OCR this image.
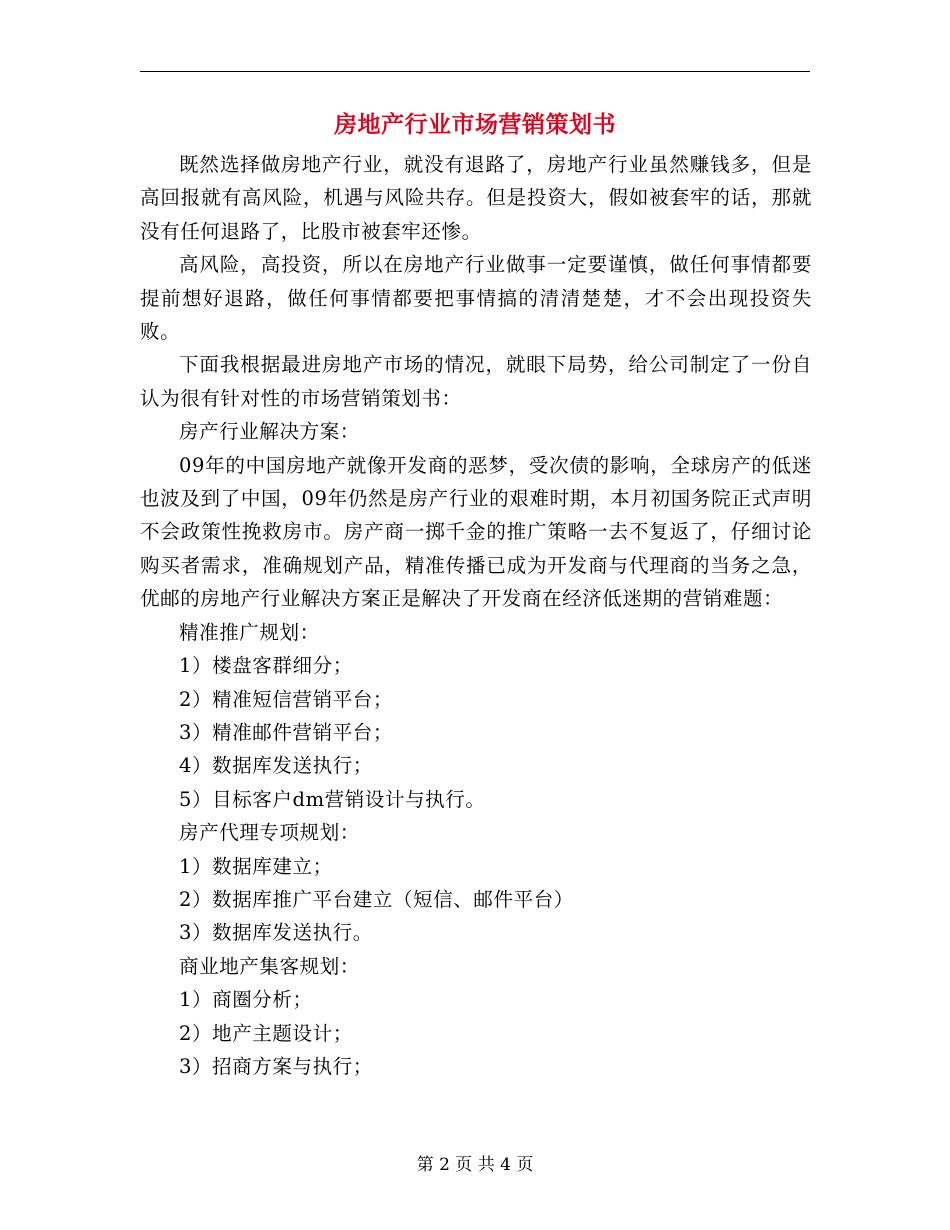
房地产行业市场营销策划书

既然选择做房地产行业，就没有退路了，房地产行业虽然赚钱多，但是高回报就有高风险，机遇与风险共存。但是投资大，假如被套牢的话，那就没有任何退路了，比股市被套牢还惨。

高风险，高投资，所以在房地产行业做事一定要谨慎，做任何事情都要提前想好退路，做任何事情都要把事情搞的清清楚楚，才不会出现投资失败。

下面我根据最进房地产市场的情况，就眼下局势，给公司制定了一份自认为很有针对性的市场营销策划书：

房产行业解决方案：

09年的中国房地产就像开发商的恶梦，受次债的影响，全球房产的低迷也波及到了中国，09年仍然是房产行业的艰难时期，本月初国务院正式声明不会政策性挽救房市。房产商一掷千金的推广策略一去不复返了，仔细讨论购买者需求，准确规划产品，精准传播已成为开发商与代理商的当务之急，优邮的房地产行业解决方案正是解决了开发商在经济低迷期的营销难题：

精准推广规划：

1）楼盘客群细分；

2）精准短信营销平台；

3）精准邮件营销平台；

4）数据库发送执行；

5）目标客户dm营销设计与执行。

房产代理专项规划：

1）数据库建立；

2）数据库推广平台建立（短信、邮件平台）

3）数据库发送执行。

商业地产集客规划：

1）商圈分析；

2）地产主题设计；

3）招商方案与执行；

第 2 页 共 4 页
